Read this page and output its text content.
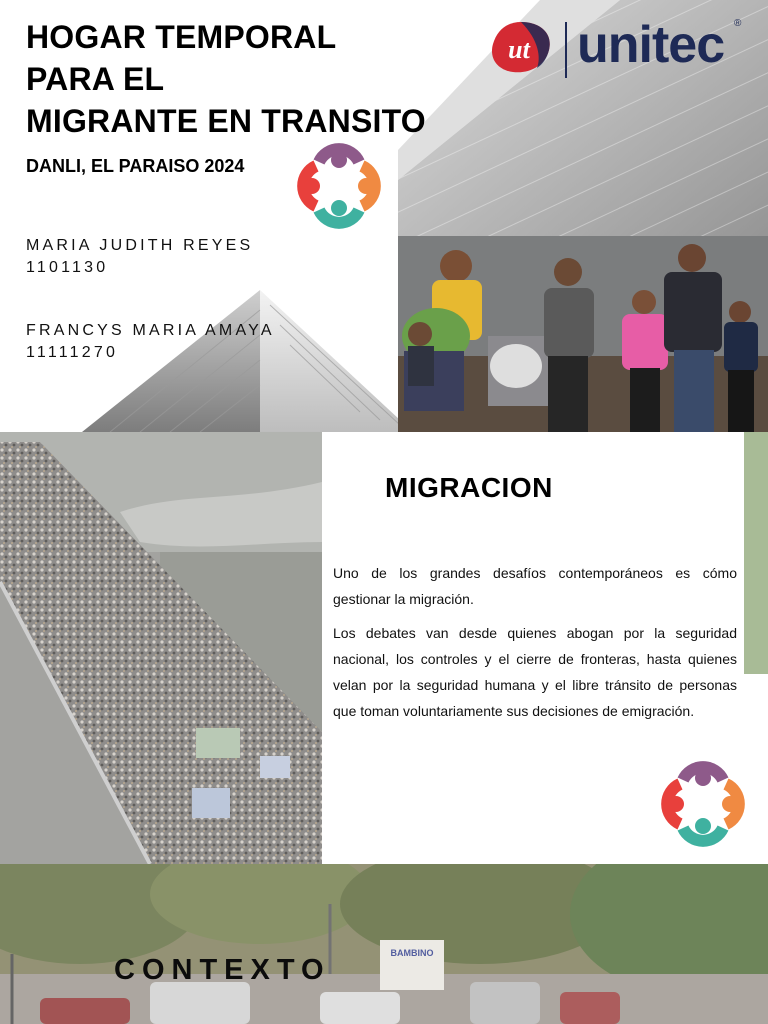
HOGAR TEMPORAL
PARA EL
MIGRANTE EN TRANSITO
DANLI, EL PARAISO 2024
MARIA JUDITH REYES
1101130
FRANCYS MARIA AMAYA
11111270
ut unitec ®
MIGRACION

Uno de los grandes desafíos contemporáneos es cómo gestionar la migración.

Los debates van desde quienes abogan por la seguridad nacional, los controles y el cierre de fronteras, hasta quienes velan por la seguridad humana y el libre tránsito de personas que toman voluntariamente sus decisiones de emigración.

BAMBINO
CONTEXTO
